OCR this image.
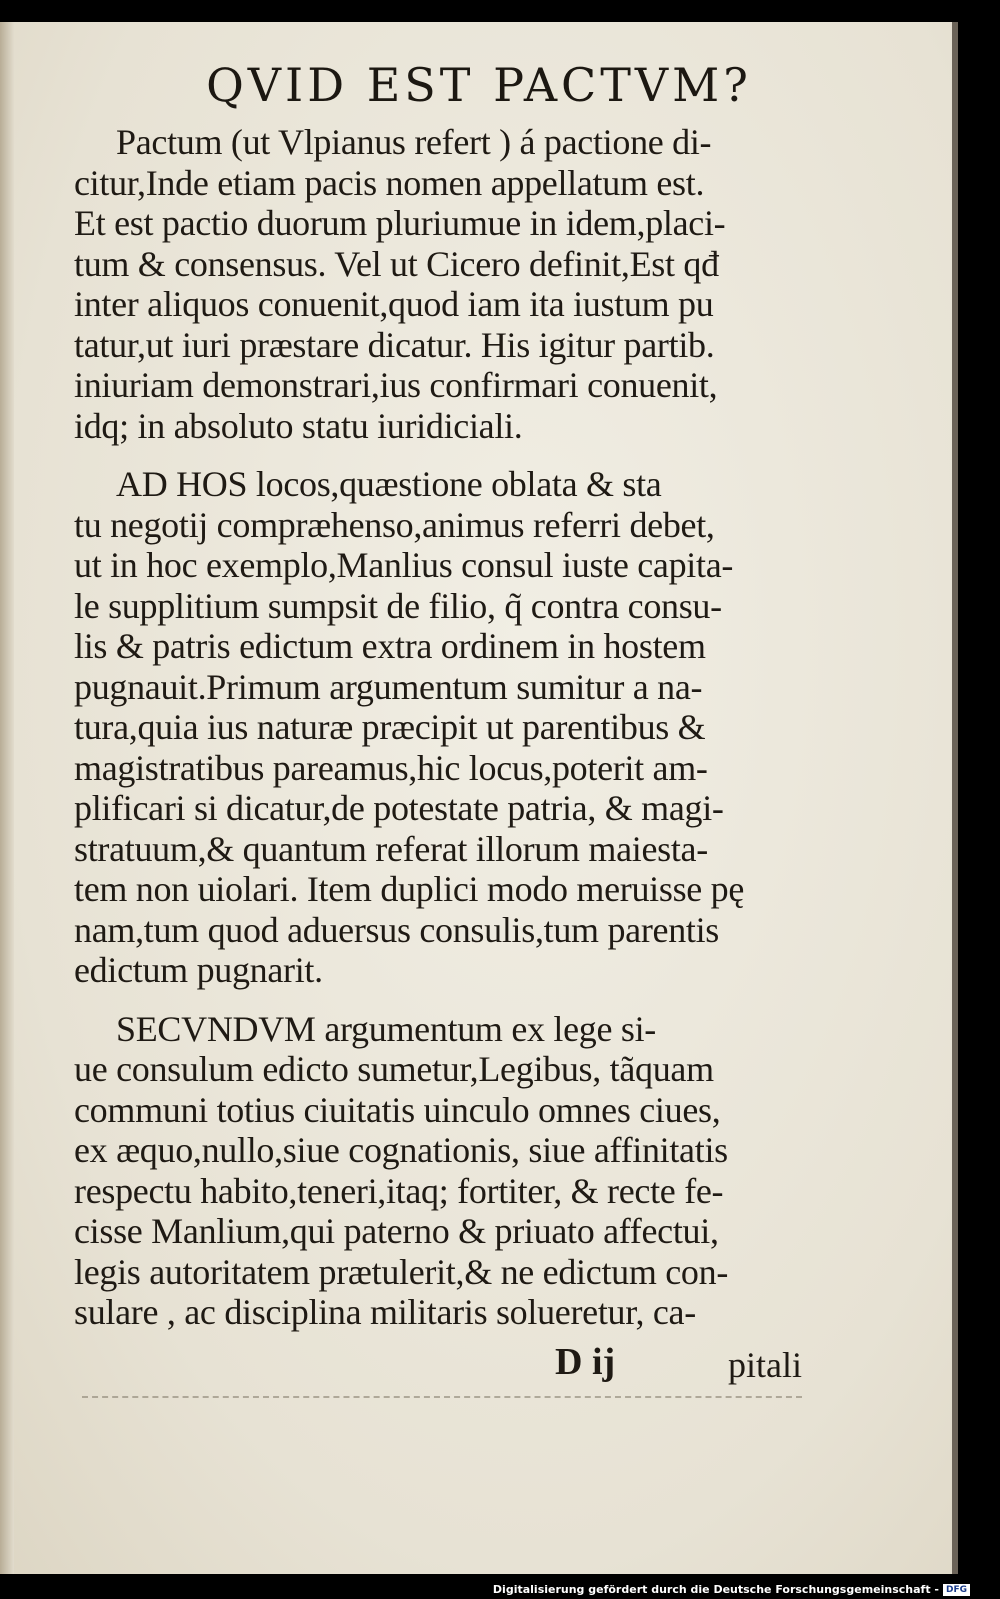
QVID EST PACTVM?
D ij	pitali
Pactum (ut Vlpianus refert ) á pactione di-
citur,Inde etiam pacis nomen appellatum est.
Et est pactio duorum pluriumue in idem,placi-
tum & consensus. Vel ut Cicero definit,Est qđ
inter aliquos conuenit,quod iam ita iustum pu
tatur,ut iuri præstare dicatur. His igitur partib.
iniuriam demonstrari,ius confirmari conuenit,
idq; in absoluto statu iuridiciali.
AD HOS locos,quæstione oblata & sta
tu negotij compræhenso,animus referri debet,
ut in hoc exemplo,Manlius consul iuste capita-
le supplitium sumpsit de filio, q̃ contra consu-
lis & patris edictum extra ordinem in hostem
pugnauit.Primum argumentum sumitur a na-
tura,quia ius naturæ præcipit ut parentibus &
magistratibus pareamus,hic locus,poterit am-
plificari si dicatur,de potestate patria, & magi-
stratuum,& quantum referat illorum maiesta-
tem non uiolari. Item duplici modo meruisse pę
nam,tum quod aduersus consulis,tum parentis
edictum pugnarit.
SECVNDVM argumentum ex lege si-
ue consulum edicto sumetur,Legibus, tãquam
communi totius ciuitatis uinculo omnes ciues,
ex æquo,nullo,siue cognationis, siue affinitatis
respectu habito,teneri,itaq; fortiter, & recte fe-
cisse Manlium,qui paterno & priuato affectui,
legis autoritatem prætulerit,& ne edictum con-
sulare , ac disciplina militaris solueretur, ca-
Digitalisierung gefördert durch die Deutsche Forschungsgemeinschaft - DFG
